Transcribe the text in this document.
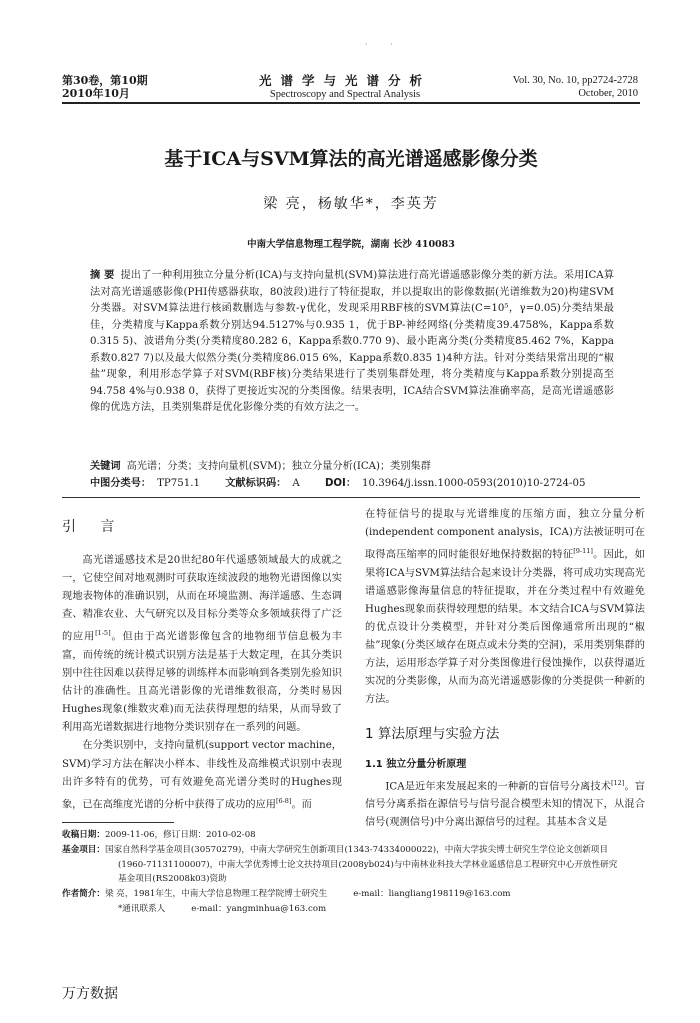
· ·
第30卷，第10期
2010年10月
光谱学与光谱分析
Spectroscopy and Spectral Analysis
Vol. 30, No. 10, pp2724-2728
October, 2010
基于ICA与SVM算法的高光谱遥感影像分类
梁 亮，杨敏华*，李英芳
中南大学信息物理工程学院，湖南 长沙 410083
摘 要 提出了一种利用独立分量分析(ICA)与支持向量机(SVM)算法进行高光谱遥感影像分类的新方法。采用ICA算法对高光谱遥感影像(PHI传感器获取，80波段)进行了特征提取，并以提取出的影像数据(光谱维数为20)构建SVM分类器。对SVM算法进行核函数删选与参数-γ优化，发现采用RBF核的SVM算法(C=10⁵，γ=0.05)分类结果最佳，分类精度与Kappa系数分别达94.5127%与0.935 1，优于BP-神经网络(分类精度39.4758%，Kappa系数0.315 5)、波谱角分类(分类精度80.282 6，Kappa系数0.770 9)、最小距离分类(分类精度85.462 7%，Kappa系数0.827 7)以及最大似然分类(分类精度86.015 6%，Kappa系数0.835 1)4种方法。针对分类结果常出现的“椒盐”现象，利用形态学算子对SVM(RBF核)分类结果进行了类别集群处理，将分类精度与Kappa系数分别提高至94.758 4%与0.938 0，获得了更接近实况的分类图像。结果表明，ICA结合SVM算法准确率高，是高光谱遥感影像的优选方法，且类别集群是优化影像分类的有效方法之一。
关键词 高光谱；分类；支持向量机(SVM)；独立分量分析(ICA)；类别集群
中图分类号： TP751.1 文献标识码： A DOI： 10.3964/j.issn.1000-0593(2010)10-2724-05
引 言

高光谱遥感技术是20世纪80年代遥感领域最大的成就之一，它使空间对地观测时可获取连续波段的地物光谱图像以实现地表物体的准确识别，从而在环境监测、海洋遥感、生态调查、精准农业、大气研究以及目标分类等众多领域获得了广泛的应用[1-5]。但由于高光谱影像包含的地物细节信息极为丰富，而传统的统计模式识别方法是基于大数定理，在其分类识别中往往因难以获得足够的训练样本而影响到各类别先验知识估计的准确性。且高光谱影像的光谱维数很高，分类时易因Hughes现象(维数灾难)而无法获得理想的结果，从而导致了利用高光谱数据进行地物分类识别存在一系列的问题。

在分类识别中，支持向量机(support vector machine，SVM)学习方法在解决小样本、非线性及高维模式识别中表现出许多特有的优势，可有效避免高光谱分类时的Hughes现象，已在高维度光谱的分析中获得了成功的应用[6-8]。而

在特征信号的提取与光谱维度的压缩方面，独立分量分析(independent component analysis，ICA)方法被证明可在取得高压缩率的同时能很好地保持数据的特征[9-11]。因此，如果将ICA与SVM算法结合起来设计分类器，将可成功实现高光谱遥感影像海量信息的特征提取，并在分类过程中有效避免Hughes现象而获得较理想的结果。本文结合ICA与SVM算法的优点设计分类模型，并针对分类后图像通常所出现的“椒盐”现象(分类区域存在斑点或未分类的空洞)，采用类别集群的方法，运用形态学算子对分类图像进行侵蚀操作，以获得逼近实况的分类影像，从而为高光谱遥感影像的分类提供一种新的方法。

1 算法原理与实验方法
1.1 独立分量分析原理

ICA是近年来发展起来的一种新的盲信号分离技术[12]。盲信号分离系指在源信号与信号混合模型未知的情况下，从混合信号(观测信号)中分离出源信号的过程。其基本含义是

收稿日期：2009-11-06，修订日期：2010-02-08
基金项目：国家自然科学基金项目(30570279)，中南大学研究生创新项目(1343-74334000022)，中南大学拔尖博士研究生学位论文创新项目
(1960-71131100007)，中南大学优秀博士论文扶持项目(2008yb024)与中南林业科技大学林业遥感信息工程研究中心开放性研究
基金项目(RS2008k03)资助
作者简介：梁 亮，1981年生，中南大学信息物理工程学院博士研究生	e-mail：liangliang198119@163.com
*通讯联系人	e-mail：yangminhua@163.com
万方数据
